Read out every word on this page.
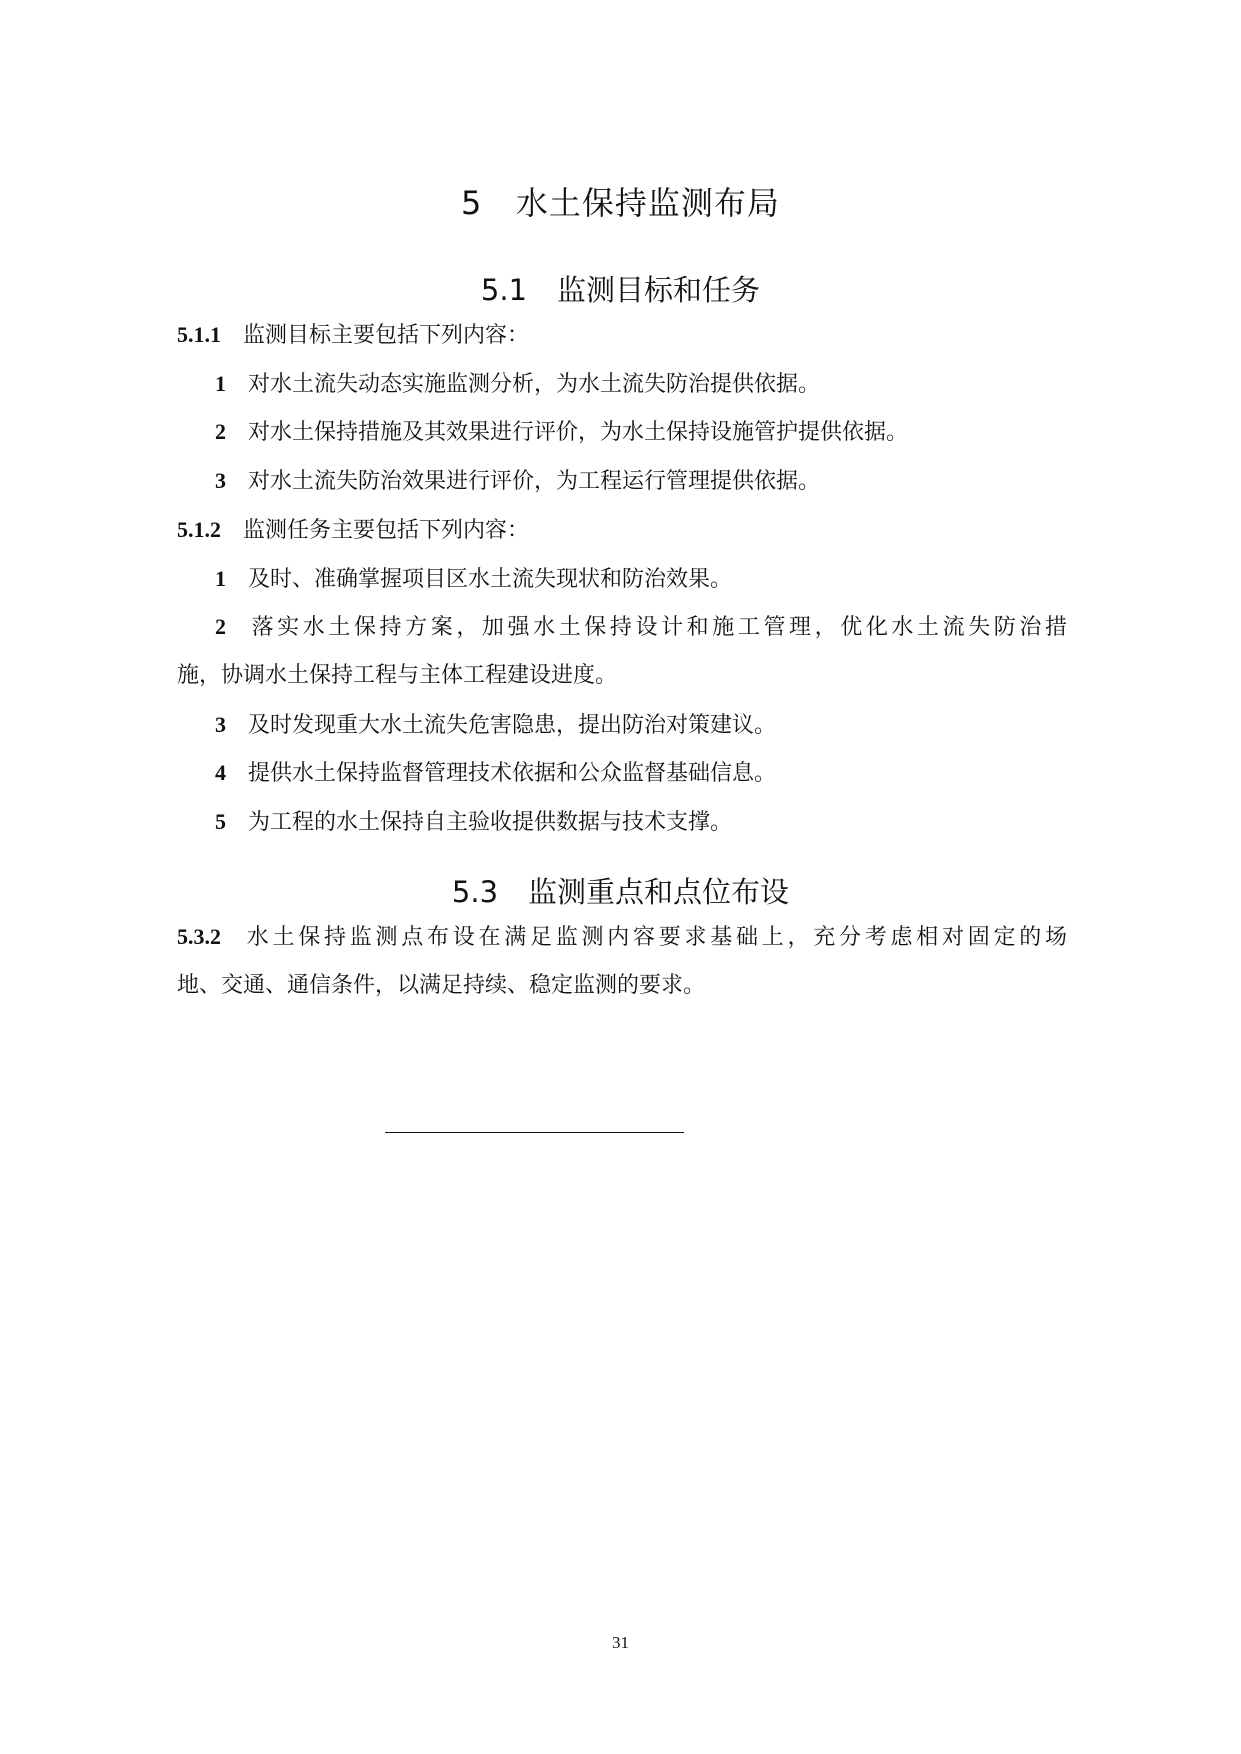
5 水土保持监测布局
5.1 监测目标和任务
5.1.1 监测目标主要包括下列内容：
1 对水土流失动态实施监测分析，为水土流失防治提供依据。
2 对水土保持措施及其效果进行评价，为水土保持设施管护提供依据。
3 对水土流失防治效果进行评价，为工程运行管理提供依据。
5.1.2 监测任务主要包括下列内容：
1 及时、准确掌握项目区水土流失现状和防治效果。
2 落实水土保持方案，加强水土保持设计和施工管理，优化水土流失防治措
施，协调水土保持工程与主体工程建设进度。
3 及时发现重大水土流失危害隐患，提出防治对策建议。
4 提供水土保持监督管理技术依据和公众监督基础信息。
5 为工程的水土保持自主验收提供数据与技术支撑。
5.3 监测重点和点位布设
5.3.2 水土保持监测点布设在满足监测内容要求基础上，充分考虑相对固定的场
地、交通、通信条件，以满足持续、稳定监测的要求。
31
